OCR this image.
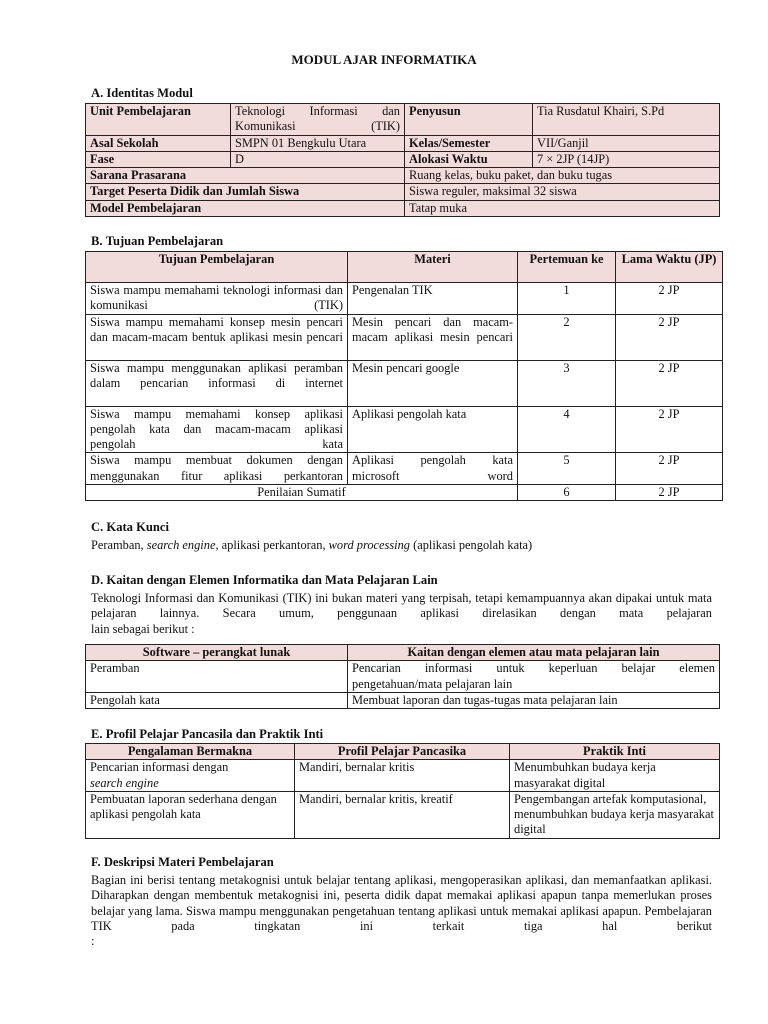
MODUL AJAR INFORMATIKA
A. Identitas Modul
Unit Pembelajaran	Teknologi Informasi dan Komunikasi (TIK)	Penyusun	Tia Rusdatul Khairi, S.Pd
Asal Sekolah	SMPN 01 Bengkulu Utara	Kelas/Semester	VII/Ganjil
Fase	D	Alokasi Waktu	7 × 2JP (14JP)
Sarana Prasarana		Ruang kelas, buku paket, dan buku tugas	
Target Peserta Didik dan Jumlah Siswa		Siswa reguler, maksimal 32 siswa	
Model Pembelajaran		Tatap muka	
B. Tujuan Pembelajaran
Tujuan Pembelajaran	Materi	Pertemuan ke	Lama Waktu (JP)
Siswa mampu memahami teknologi informasi dan komunikasi (TIK)	Pengenalan TIK	1	2 JP
Siswa mampu memahami konsep mesin pencari dan macam-macam bentuk aplikasi mesin pencari	Mesin pencari dan macam-macam aplikasi mesin pencari	2	2 JP
Siswa mampu menggunakan aplikasi peramban dalam pencarian informasi di internet	Mesin pencari google	3	2 JP
Siswa mampu memahami konsep aplikasi pengolah kata dan macam-macam aplikasi pengolah kata	Aplikasi pengolah kata	4	2 JP
Siswa mampu membuat dokumen dengan menggunakan fitur aplikasi perkantoran	Aplikasi pengolah kata microsoft word	5	2 JP
Penilaian Sumatif		6	2 JP
C. Kata Kunci
Peramban, search engine, aplikasi perkantoran, word processing (aplikasi pengolah kata)
D. Kaitan dengan Elemen Informatika dan Mata Pelajaran Lain
Teknologi Informasi dan Komunikasi (TIK) ini bukan materi yang terpisah, tetapi kemampuannya akan dipakai untuk mata pelajaran lainnya. Secara umum, penggunaan aplikasi direlasikan dengan mata pelajaran
lain sebagai berikut :
Software – perangkat lunak	Kaitan dengan elemen atau mata pelajaran lain
Peramban	Pencarian informasi untuk keperluan belajar elemen
pengetahuan/mata pelajaran lain

Pengolah kata	Membuat laporan dan tugas-tugas mata pelajaran lain
E. Profil Pelajar Pancasila dan Praktik Inti
Pengalaman Bermakna	Profil Pelajar Pancasika	Praktik Inti

Pencarian informasi dengan
search engine	Mandiri, bernalar kritis	Menumbuhkan budaya kerja masyarakat digital
Pembuatan laporan sederhana dengan aplikasi pengolah kata	Mandiri, bernalar kritis, kreatif	Pengembangan artefak komputasional, menumbuhkan budaya kerja masyarakat digital
F. Deskripsi Materi Pembelajaran
Bagian ini berisi tentang metakognisi untuk belajar tentang aplikasi, mengoperasikan aplikasi, dan memanfaatkan aplikasi. Diharapkan dengan membentuk metakognisi ini, peserta didik dapat memakai aplikasi apapun tanpa memerlukan proses belajar yang lama. Siswa mampu menggunakan pengetahuan tentang aplikasi untuk memakai aplikasi apapun. Pembelajaran TIK pada tingkatan ini terkait tiga hal berikut
:
